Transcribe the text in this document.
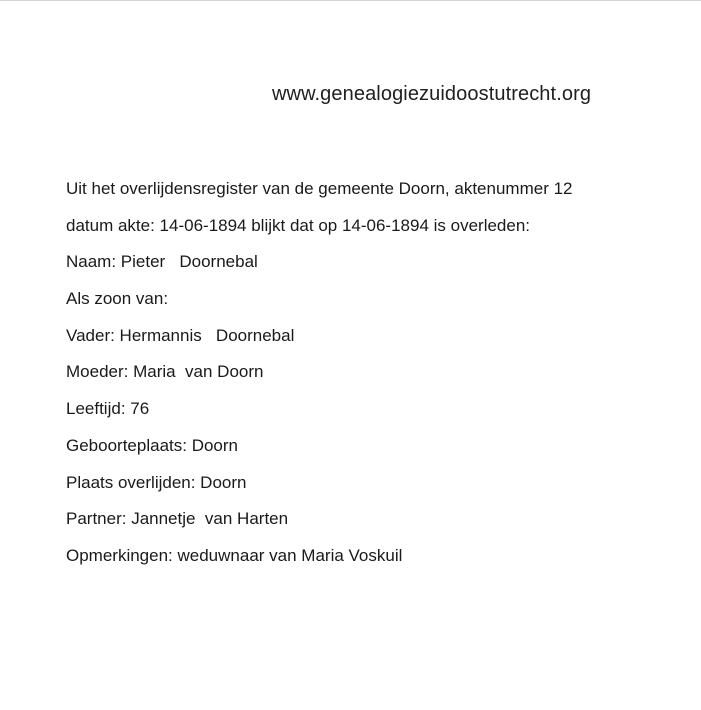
www.genealogiezuidoostutrecht.org
Uit het overlijdensregister van de gemeente Doorn, aktenummer 12
datum akte: 14-06-1894 blijkt dat op 14-06-1894 is overleden:
Naam: Pieter   Doornebal
Als zoon van:
Vader: Hermannis   Doornebal
Moeder: Maria  van Doorn
Leeftijd: 76
Geboorteplaats: Doorn
Plaats overlijden: Doorn
Partner: Jannetje  van Harten
Opmerkingen: weduwnaar van Maria Voskuil
